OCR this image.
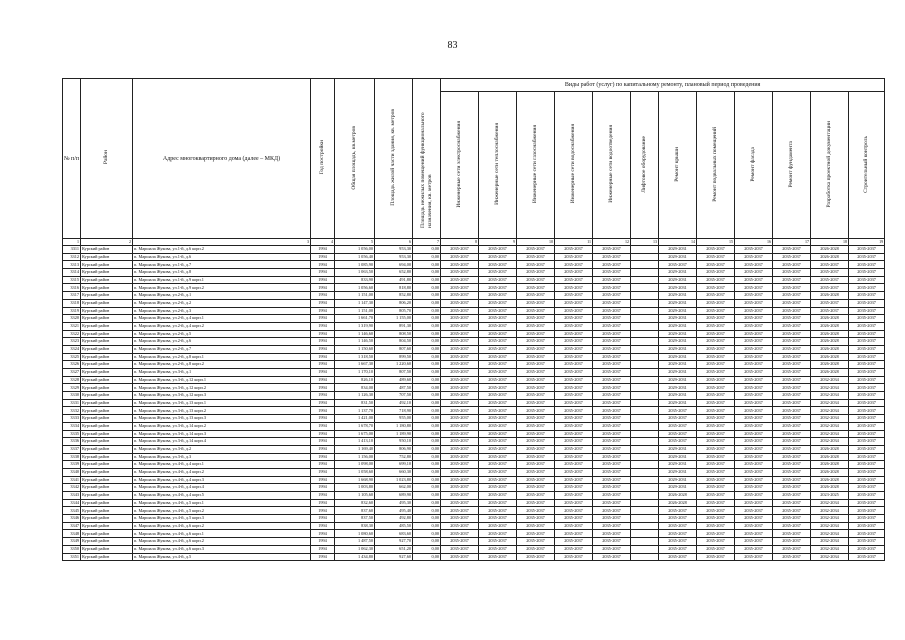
83
№ п/п	Район	Адрес многоквартирного дома (далее – МКД)	Год постройки	Общая площадь, кв.метров	Площадь жилой части здания, кв. метров	Площадь нежилых помещений функционального назначения, кв. метров	Виды работ (услуг) по капитальному ремонту, плановый период проведения											
							Инженерные сети электроснабжения	Инженерные сети теплоснабжения	Инженерные сети газоснабжения	Инженерные сети водоснабжения	Инженерные сети водоотведения	Лифтовое оборудование	Ремонт крыши	Ремонт подвальных помещений	Ремонт фасада	Ремонт фундамента	Разработка проектной документации	Строительный контроль
1	2	3	4	5	6	7	8	9	10	11	12	13	14	15	16	17	18	19
3311	Курский район	п. Маршала Жукова, ул.1-й, д.6 корп.2	1994	1 056,00	953,30	0,00	2035-2037	2035-2037	2035-2037	2035-2037	2035-2037		2029-2031	2035-2037	2035-2037	2035-2037	2026-2028	2035-2037
3312	Курский район	п. Маршала Жукова, ул.1-й, д.6	1994	1 056,40	953,30	0,00	2035-2037	2035-2037	2035-2037	2035-2037	2035-2037		2029-2031	2035-2037	2035-2037	2035-2037	2026-2028	2035-2037
3313	Курский район	п. Маршала Жукова, ул.1-й, д.7	1994	1 085,90	694,00	0,00	2035-2037	2035-2037	2035-2037	2035-2037	2035-2037		2035-2037	2035-2037	2035-2037	2035-2037	2035-2037	2035-2037
3314	Курский район	п. Маршала Жукова, ул.1-й, д.8	1994	1 063,50	652,80	0,00	2035-2037	2035-2037	2035-2037	2035-2037	2035-2037		2029-2031	2035-2037	2035-2037	2035-2037	2035-2037	2035-2037
3315	Курский район	п. Маршала Жукова, ул.1-й, д.9 корп.1	1994	833,90	491,80	0,00	2035-2037	2035-2037	2035-2037	2035-2037	2035-2037		2029-2031	2035-2037	2035-2037	2035-2037	2035-2037	2035-2037
3316	Курский район	п. Маршала Жукова, ул.1-й, д.9 корп.2	1994	1 056,60	818,80	0,00	2035-2037	2035-2037	2035-2037	2035-2037	2035-2037		2029-2031	2035-2037	2035-2037	2035-2037	2035-2037	2035-2037
3317	Курский район	п. Маршала Жукова, ул.2-й, д.1	1994	1 151,00	852,80	0,00	2035-2037	2035-2037	2035-2037	2035-2037	2035-2037		2029-2031	2035-2037	2035-2037	2035-2037	2026-2028	2035-2037
3318	Курский район	п. Маршала Жукова, ул.2-й, д.2	1994	1 147,30	806,20	0,00	2035-2037	2035-2037	2035-2037	2035-2037	2035-2037		2029-2031	2035-2037	2035-2037	2035-2037	2035-2037	2035-2037
3319	Курский район	п. Маршала Жукова, ул.2-й, д.3	1994	1 151,00	805,70	0,00	2035-2037	2035-2037	2035-2037	2035-2037	2035-2037		2029-2031	2035-2037	2035-2037	2035-2037	2035-2037	2035-2037
3320	Курский район	п. Маршала Жукова, ул.2-й, д.4 корп.1	1994	1 661,70	1 155,00	0,00	2035-2037	2035-2037	2035-2037	2035-2037	2035-2037		2029-2031	2035-2037	2035-2037	2035-2037	2026-2028	2035-2037
3321	Курский район	п. Маршала Жукова, ул.2-й, д.4 корп.2	1994	1 319,90	891,30	0,00	2035-2037	2035-2037	2035-2037	2035-2037	2035-2037		2029-2031	2035-2037	2035-2037	2035-2037	2026-2028	2035-2037
3322	Курский район	п. Маршала Жукова, ул.2-й, д.5	1994	1 146,60	808,50	0,00	2035-2037	2035-2037	2035-2037	2035-2037	2035-2037		2029-2031	2035-2037	2035-2037	2035-2037	2026-2028	2035-2037
3323	Курский район	п. Маршала Жукова, ул.2-й, д.6	1994	1 146,50	804,50	0,00	2035-2037	2035-2037	2035-2037	2035-2037	2035-2037		2029-2031	2035-2037	2035-2037	2035-2037	2026-2028	2035-2037
3324	Курский район	п. Маршала Жукова, ул.2-й, д.7	1994	1 150,60	807,60	0,00	2035-2037	2035-2037	2035-2037	2035-2037	2035-2037		2029-2031	2035-2037	2035-2037	2035-2037	2026-2028	2035-2037
3325	Курский район	п. Маршала Жукова, ул.2-й, д.8 корп.1	1994	1 318,50	899,50	0,00	2035-2037	2035-2037	2035-2037	2035-2037	2035-2037		2029-2031	2035-2037	2035-2037	2035-2037	2026-2028	2035-2037
3326	Курский район	п. Маршала Жукова, ул.2-й, д.8 корп.2	1994	1 667,30	1 220,60	0,00	2035-2037	2035-2037	2035-2037	2035-2037	2035-2037		2029-2031	2035-2037	2035-2037	2035-2037	2026-2028	2035-2037
3327	Курский район	п. Маршала Жукова, ул.3-й, д.1	1994	1 170,10	807,50	0,00	2035-2037	2035-2037	2035-2037	2035-2037	2035-2037		2029-2031	2035-2037	2035-2037	2035-2037	2026-2028	2035-2037
3328	Курский район	п. Маршала Жукова, ул.3-й, д.12 корп.1	1994	826,10	489,60	0,00	2035-2037	2035-2037	2035-2037	2035-2037	2035-2037		2029-2031	2035-2037	2035-2037	2035-2037	2032-2034	2035-2037
3329	Курский район	п. Маршала Жукова, ул.3-й, д.12 корп.2	1994	834,00	487,50	0,00	2035-2037	2035-2037	2035-2037	2035-2037	2035-2037		2029-2031	2035-2037	2035-2037	2035-2037	2032-2034	2035-2037
3330	Курский район	п. Маршала Жукова, ул.3-й, д.12 корп.3	1994	1 126,30	707,50	0,00	2035-2037	2035-2037	2035-2037	2035-2037	2035-2037		2029-2031	2035-2037	2035-2037	2035-2037	2032-2034	2035-2037
3331	Курский район	п. Маршала Жукова, ул.3-й, д.13 корп.1	1994	831,50	492,10	0,00	2035-2037	2035-2037	2035-2037	2035-2037	2035-2037		2029-2031	2035-2037	2035-2037	2035-2037	2032-2034	2035-2037
3332	Курский район	п. Маршала Жукова, ул.3-й, д.13 корп.2	1994	1 137,70	718,90	0,00	2035-2037	2035-2037	2035-2037	2035-2037	2035-2037		2035-2037	2035-2037	2035-2037	2035-2037	2032-2034	2035-2037
3333	Курский район	п. Маршала Жукова, ул.3-й, д.13 корп.3	1994	1 421,00	955,00	0,00	2035-2037	2035-2037	2035-2037	2035-2037	2035-2037		2035-2037	2035-2037	2035-2037	2035-2037	2032-2034	2035-2037
3334	Курский район	п. Маршала Жукова, ул.3-й, д.14 корп.2	1994	1 678,70	1 180,80	0,00	2035-2037	2035-2037	2035-2037	2035-2037	2035-2037		2035-2037	2035-2037	2035-2037	2035-2037	2032-2034	2035-2037
3335	Курский район	п. Маршала Жукова, ул.3-й, д.14 корп.3	1994	1 675,00	1 189,90	0,00	2035-2037	2035-2037	2035-2037	2035-2037	2035-2037		2035-2037	2035-2037	2035-2037	2035-2037	2032-2034	2035-2037
3336	Курский район	п. Маршала Жукова, ул.3-й, д.14 корп.4	1994	1 413,10	950,10	0,00	2035-2037	2035-2037	2035-2037	2035-2037	2035-2037		2035-2037	2035-2037	2035-2037	2035-2037	2032-2034	2035-2037
3337	Курский район	п. Маршала Жукова, ул.3-й, д.2	1994	1 169,40	806,90	0,00	2035-2037	2035-2037	2035-2037	2035-2037	2035-2037		2029-2031	2035-2037	2035-2037	2035-2037	2026-2028	2035-2037
3338	Курский район	п. Маршала Жукова, ул.3-й, д.3	1994	1 156,00	752,80	0,00	2035-2037	2035-2037	2035-2037	2035-2037	2035-2037		2029-2031	2035-2037	2035-2037	2035-2037	2026-2028	2035-2037
3339	Курский район	п. Маршала Жукова, ул.4-й, д.4 корп.1	1994	1 098,00	699,10	0,00	2035-2037	2035-2037	2035-2037	2035-2037	2035-2037		2029-2031	2035-2037	2035-2037	2035-2037	2026-2028	2035-2037
3340	Курский район	п. Маршала Жукова, ул.4-й, д.4 корп.2	1994	1 058,60	660,30	0,00	2035-2037	2035-2037	2035-2037	2035-2037	2035-2037		2029-2031	2035-2037	2035-2037	2035-2037	2026-2028	2035-2037
3341	Курский район	п. Маршала Жукова, ул.4-й, д.4 корп.3	1994	1 668,90	1 023,80	0,00	2035-2037	2035-2037	2035-2037	2035-2037	2035-2037		2029-2031	2035-2037	2035-2037	2035-2037	2026-2028	2035-2037
3342	Курский район	п. Маршала Жукова, ул.4-й, д.4 корп.4	1994	1 003,80	662,00	0,00	2035-2037	2035-2037	2035-2037	2035-2037	2035-2037		2029-2031	2035-2037	2035-2037	2035-2037	2026-2028	2035-2037
3343	Курский район	п. Маршала Жукова, ул.4-й, д.4 корп.5	1994	1 105,60	689,90	0,00	2035-2037	2035-2037	2035-2037	2035-2037	2035-2037		2026-2028	2035-2037	2035-2037	2035-2037	2023-2025	2035-2037
3344	Курский район	п. Маршала Жукова, ул.4-й, д.5 корп.1	1994	832,60	495,30	0,00	2035-2037	2035-2037	2035-2037	2035-2037	2035-2037		2026-2028	2035-2037	2035-2037	2035-2037	2032-2034	2035-2037
3345	Курский район	п. Маршала Жукова, ул.4-й, д.5 корп.2	1994	837,60	495,40	0,00	2035-2037	2035-2037	2035-2037	2035-2037	2035-2037		2035-2037	2035-2037	2035-2037	2035-2037	2032-2034	2035-2037
3346	Курский район	п. Маршала Жукова, ул.4-й, д.5 корп.3	1994	837,50	492,80	0,00	2035-2037	2035-2037	2035-2037	2035-2037	2035-2037		2035-2037	2035-2037	2035-2037	2035-2037	2032-2034	2035-2037
3347	Курский район	п. Маршала Жукова, ул.4-й, д.6 корп.2	1994	838,30	485,50	0,00	2035-2037	2035-2037	2035-2037	2035-2037	2035-2037		2035-2037	2035-2037	2035-2037	2035-2037	2032-2034	2035-2037
3348	Курский район	п. Маршала Жукова, ул.4-й, д.6 корп.1	1994	1 080,60	683,60	0,00	2035-2037	2035-2037	2035-2037	2035-2037	2035-2037		2035-2037	2035-2037	2035-2037	2035-2037	2032-2034	2035-2037
3349	Курский район	п. Маршала Жукова, ул.4-й, д.6 корп.2	1994	1 487,50	927,70	0,00	2035-2037	2035-2037	2035-2037	2035-2037	2035-2037		2035-2037	2035-2037	2035-2037	2035-2037	2032-2034	2035-2037
3350	Курский район	п. Маршала Жукова, ул.4-й, д.6 корп.3	1994	1 062,30	651,20	0,00	2035-2037	2035-2037	2035-2037	2035-2037	2035-2037		2035-2037	2035-2037	2035-2037	2035-2037	2032-2034	2035-2037
3351	Курский район	п. Маршала Жукова, ул.4-й, д.5	1994	1 434,80	927,60	0,00	2035-2037	2035-2037	2035-2037	2035-2037	2035-2037		2035-2037	2035-2037	2035-2037	2035-2037	2032-2034	2035-2037
